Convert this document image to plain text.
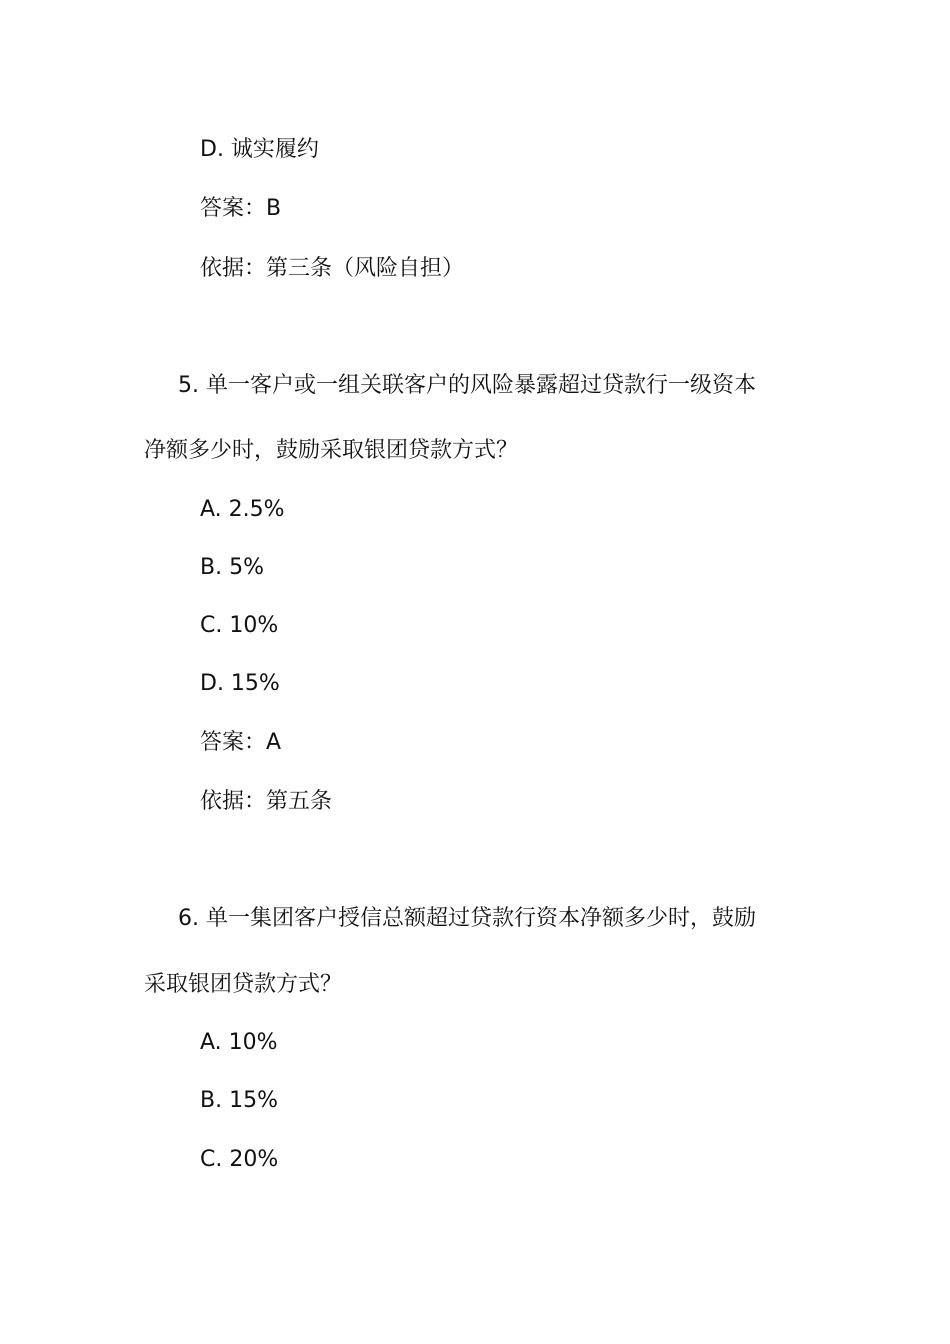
D. 诚实履约

答案：B

依据：第三条（风险自担）

5. 单一客户或一组关联客户的风险暴露超过贷款行一级资本

净额多少时，鼓励采取银团贷款方式？

A. 2.5%

B. 5%

C. 10%

D. 15%

答案：A

依据：第五条

6. 单一集团客户授信总额超过贷款行资本净额多少时，鼓励

采取银团贷款方式？

A. 10%

B. 15%

C. 20%
